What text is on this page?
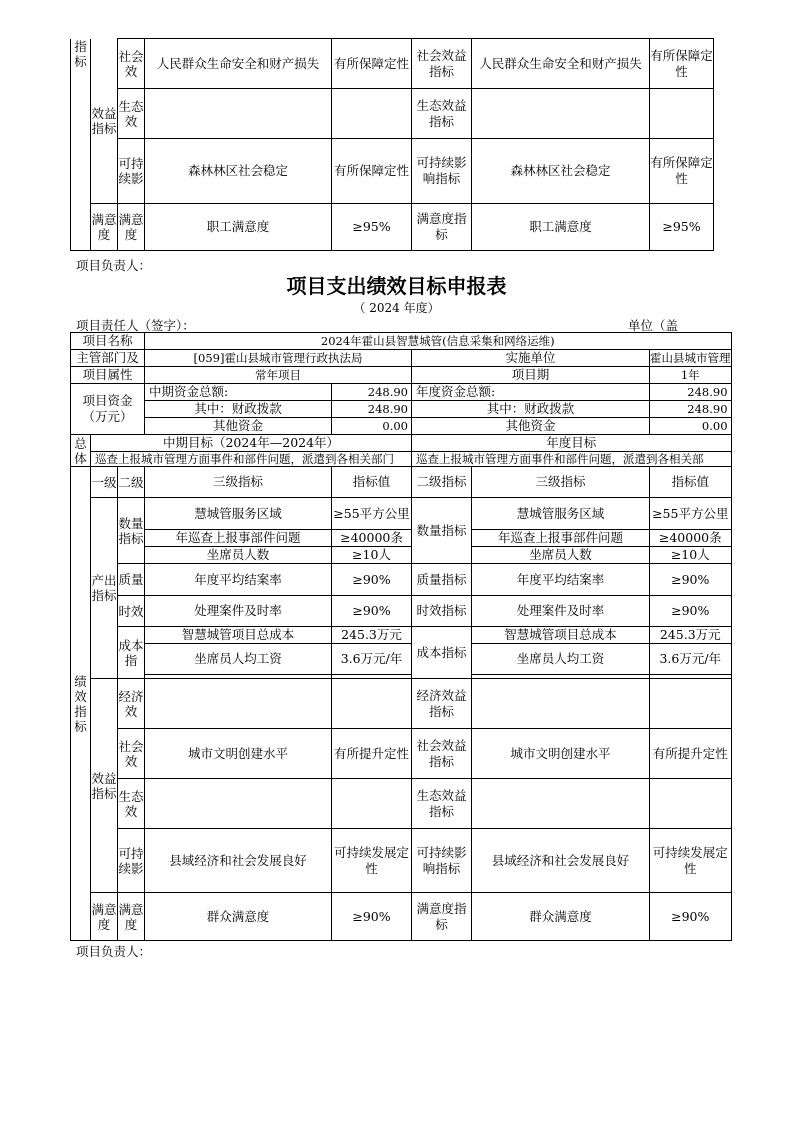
指标	效益指标	社会效	人民群众生命安全和财产损失	有所保障定性	社会效益指标	人民群众生命安全和财产损失	有所保障定性
		生态效			生态效益指标		
		可持续影	森林林区社会稳定	有所保障定性	可持续影响指标	森林林区社会稳定	有所保障定性
	满意度	满意度	职工满意度	≥95%	满意度指标	职工满意度	≥95%
项目负责人：
项目支出绩效目标申报表
（ 2024 年度）
项目责任人（签字）：	单位（盖
项目名称			2024年霍山县智慧城管(信息采集和网络运维)				
主管部门及			[059]霍山县城市管理行政执法局		实施单位		霍山县城市管理
项目属性			常年项目		项目期		1年
项目资金（万元）			中期资金总额:	248.90	年度资金总额:		248.90
			其中：财政拨款	248.90	其中：财政拨款		248.90
			其他资金	0.00	其他资金		0.00
总体	中期目标（2024年—2024年）				年度目标		
	巡查上报城市管理方面事件和部件问题，派遣到各相关部门				巡查上报城市管理方面事件和部件问题，派遣到各相关部		
绩效指标	一级	二级	三级指标	指标值	二级指标	三级指标	指标值
	产出指标	数量指标	慧城管服务区域	≥55平方公里	数量指标	慧城管服务区域	≥55平方公里
			年巡查上报事部件问题	≥40000条		年巡查上报事部件问题	≥40000条
			坐席员人数	≥10人		坐席员人数	≥10人
		质量	年度平均结案率	≥90%	质量指标	年度平均结案率	≥90%
		时效	处理案件及时率	≥90%	时效指标	处理案件及时率	≥90%
		成本指	智慧城管项目总成本	245.3万元	成本指标	智慧城管项目总成本	245.3万元
			坐席员人均工资	3.6万元/年		坐席员人均工资	3.6万元/年

	效益指标	经济效			经济效益指标		
		社会效	城市文明创建水平	有所提升定性	社会效益指标	城市文明创建水平	有所提升定性
		生态效			生态效益指标		
		可持续影	县域经济和社会发展良好	可持续发展定性	可持续影响指标	县域经济和社会发展良好	可持续发展定性
	满意度	满意度	群众满意度	≥90%	满意度指标	群众满意度	≥90%
项目负责人：
